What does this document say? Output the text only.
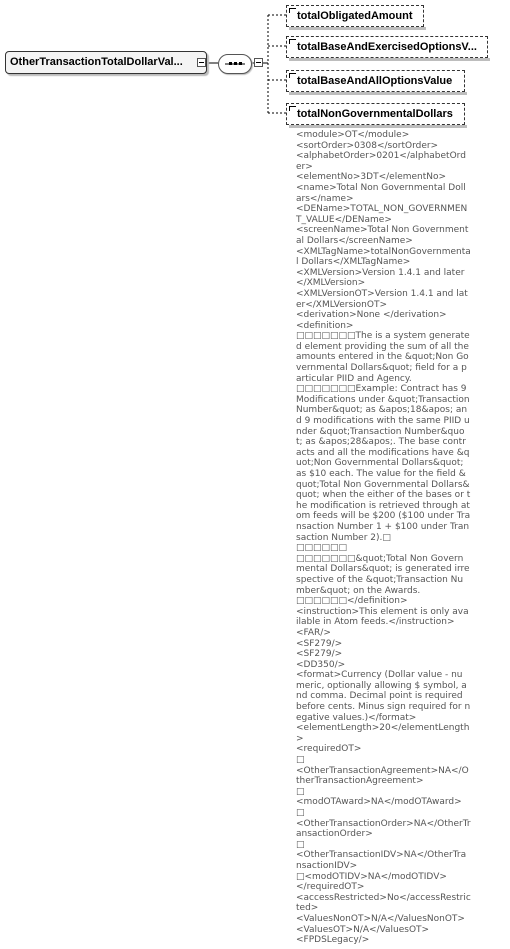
OtherTransactionTotalDollarVal...
totalObligatedAmount
totalBaseAndExercisedOptionsV...
totalBaseAndAllOptionsValue
totalNonGovernmentalDollars
<module>OT</module>
<sortOrder>0308</sortOrder>
<alphabetOrder>0201</alphabetOrder>
<elementNo>3DT</elementNo>
<name>Total Non Governmental Dollars</name>
<DEName>TOTAL_NON_GOVERNMENT_VALUE</DEName>
<screenName>Total Non Governmental Dollars</screenName>
<XMLTagName>totalNonGovernmental Dollars</XMLTagName>
<XMLVersion>Version 1.4.1 and later</XMLVersion>
<XMLVersionOT>Version 1.4.1 and later</XMLVersionOT>
<derivation>None </derivation>
<definition>
□□□□□□□The is a system generated element providing the sum of all the amounts entered in the &quot;Non Governmental Dollars&quot; field for a particular PIID and Agency.
□□□□□□□Example: Contract has 9 Modifications under &quot;Transaction Number&quot; as &apos;18&apos; and 9 modifications with the same PIID under &quot;Transaction Number&quot; as &apos;28&apos;. The base contracts and all the modifications have &quot;Non Governmental Dollars&quot; as $10 each. The value for the field &quot;Total Non Governmental Dollars&quot; when the either of the bases or the modification is retrieved through atom feeds will be $200 ($100 under Transaction Number 1 + $100 under Transaction Number 2).□
□□□□□□
□□□□□□□&quot;Total Non Governmental Dollars&quot; is generated irrespective of the &quot;Transaction Number&quot; on the Awards.
□□□□□□</definition>
<instruction>This element is only available in Atom feeds.</instruction>
<FAR/>
<SF279/>
<SF279/>
<DD350/>
<format>Currency (Dollar value - numeric, optionally allowing $ symbol, and comma. Decimal point is required before cents. Minus sign required for negative values.)</format>
<elementLength>20</elementLength>
<requiredOT>
□
<OtherTransactionAgreement>NA</OtherTransactionAgreement>
□
<modOTAward>NA</modOTAward>
□
<OtherTransactionOrder>NA</OtherTransactionOrder>
□
<OtherTransactionIDV>NA</OtherTransactionIDV>
□<modOTIDV>NA</modOTIDV>
</requiredOT>
<accessRestricted>No</accessRestricted>
<ValuesNonOT>N/A</ValuesNonOT>
<ValuesOT>N/A</ValuesOT>
<FPDSLegacy/>
